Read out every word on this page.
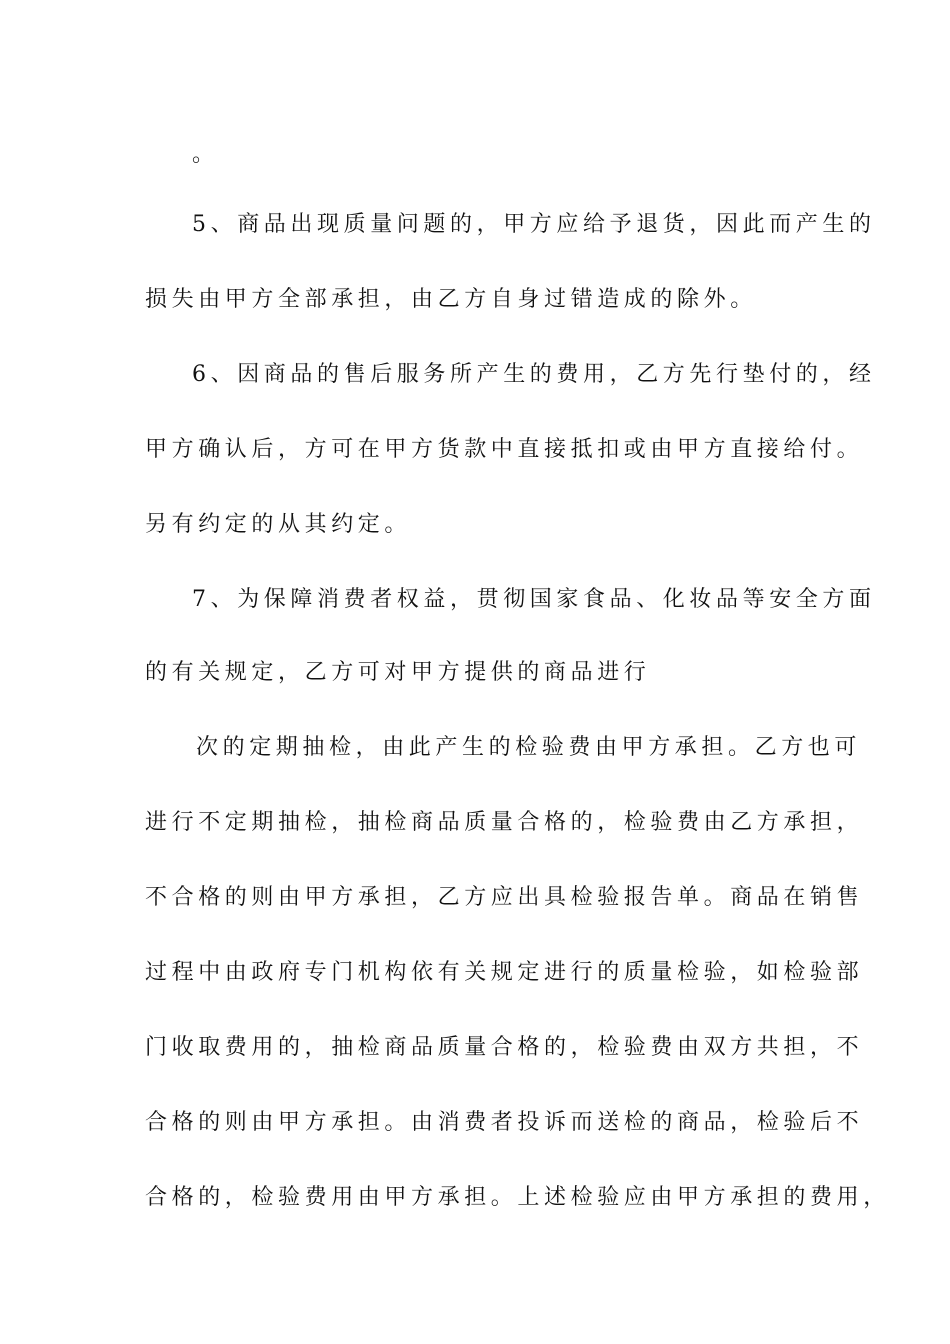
。
5、商品出现质量问题的，甲方应给予退货，因此而产生的
损失由甲方全部承担，由乙方自身过错造成的除外。
6、因商品的售后服务所产生的费用，乙方先行垫付的，经
甲方确认后，方可在甲方货款中直接抵扣或由甲方直接给付。
另有约定的从其约定。
7、为保障消费者权益，贯彻国家食品、化妆品等安全方面
的有关规定，乙方可对甲方提供的商品进行
次的定期抽检，由此产生的检验费由甲方承担。乙方也可
进行不定期抽检，抽检商品质量合格的，检验费由乙方承担，
不合格的则由甲方承担，乙方应出具检验报告单。商品在销售
过程中由政府专门机构依有关规定进行的质量检验，如检验部
门收取费用的，抽检商品质量合格的，检验费由双方共担，不
合格的则由甲方承担。由消费者投诉而送检的商品，检验后不
合格的，检验费用由甲方承担。上述检验应由甲方承担的费用，
